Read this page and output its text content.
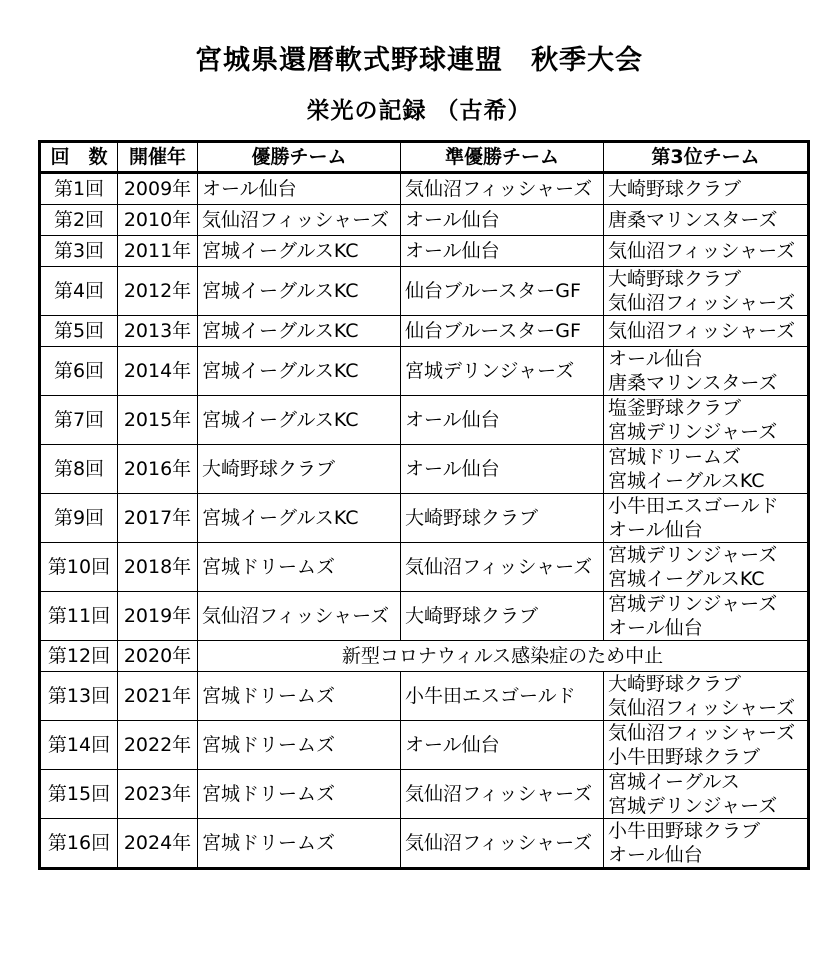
宮城県還暦軟式野球連盟　秋季大会
栄光の記録 （古希）
回　数	開催年	優勝チーム	準優勝チーム	第3位チーム
第1回	2009年	オール仙台	気仙沼フィッシャーズ	大崎野球クラブ

第2回	2010年	気仙沼フィッシャーズ	オール仙台	唐桑マリンスターズ

第3回	2011年	宮城イーグルスKC	オール仙台	気仙沼フィッシャーズ

第4回	2012年	宮城イーグルスKC	仙台ブルースターGF	大崎野球クラブ
気仙沼フィッシャーズ

第5回	2013年	宮城イーグルスKC	仙台ブルースターGF	気仙沼フィッシャーズ

第6回	2014年	宮城イーグルスKC	宮城デリンジャーズ	オール仙台
唐桑マリンスターズ

第7回	2015年	宮城イーグルスKC	オール仙台	塩釜野球クラブ
宮城デリンジャーズ

第8回	2016年	大崎野球クラブ	オール仙台	宮城ドリームズ
宮城イーグルスKC

第9回	2017年	宮城イーグルスKC	大崎野球クラブ	小牛田エスゴールド
オール仙台

第10回	2018年	宮城ドリームズ	気仙沼フィッシャーズ	宮城デリンジャーズ
宮城イーグルスKC

第11回	2019年	気仙沼フィッシャーズ	大崎野球クラブ	宮城デリンジャーズ
オール仙台

第12回	2020年	新型コロナウィルス感染症のため中止		
第13回	2021年	宮城ドリームズ	小牛田エスゴールド	大崎野球クラブ
気仙沼フィッシャーズ

第14回	2022年	宮城ドリームズ	オール仙台	気仙沼フィッシャーズ
小牛田野球クラブ

第15回	2023年	宮城ドリームズ	気仙沼フィッシャーズ	宮城イーグルス
宮城デリンジャーズ

第16回	2024年	宮城ドリームズ	気仙沼フィッシャーズ	小牛田野球クラブ
オール仙台
